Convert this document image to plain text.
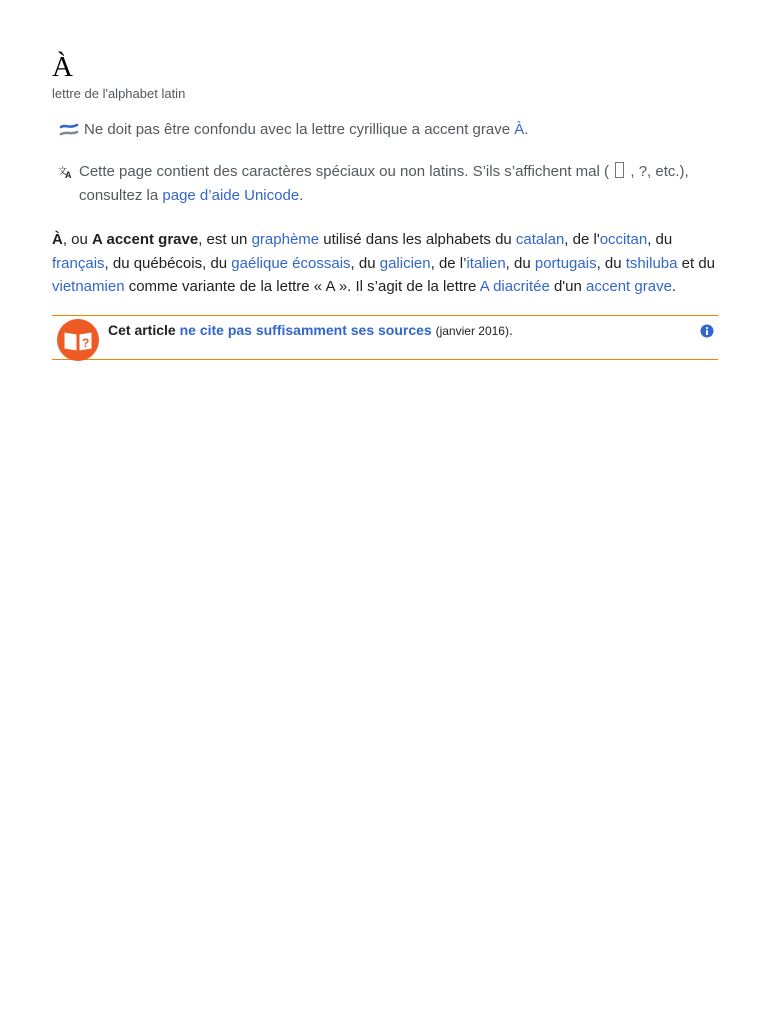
À
lettre de l'alphabet latin
Ne doit pas être confondu avec la lettre cyrillique a accent grave À.
文
A Cette page contient des caractères spéciaux ou non latins. S’ils s’affichent mal (  , ?, etc.), consultez la page d’aide Unicode.
À, ou A accent grave, est un graphème utilisé dans les alphabets du catalan, de l'occitan, du français, du québécois, du gaélique écossais, du galicien, de l’italien, du portugais, du tshiluba et du vietnamien comme variante de la lettre « A ». Il s’agit de la lettre A diacritée d'un accent grave.
?
Cet article ne cite pas suffisamment ses sources (janvier 2016).
